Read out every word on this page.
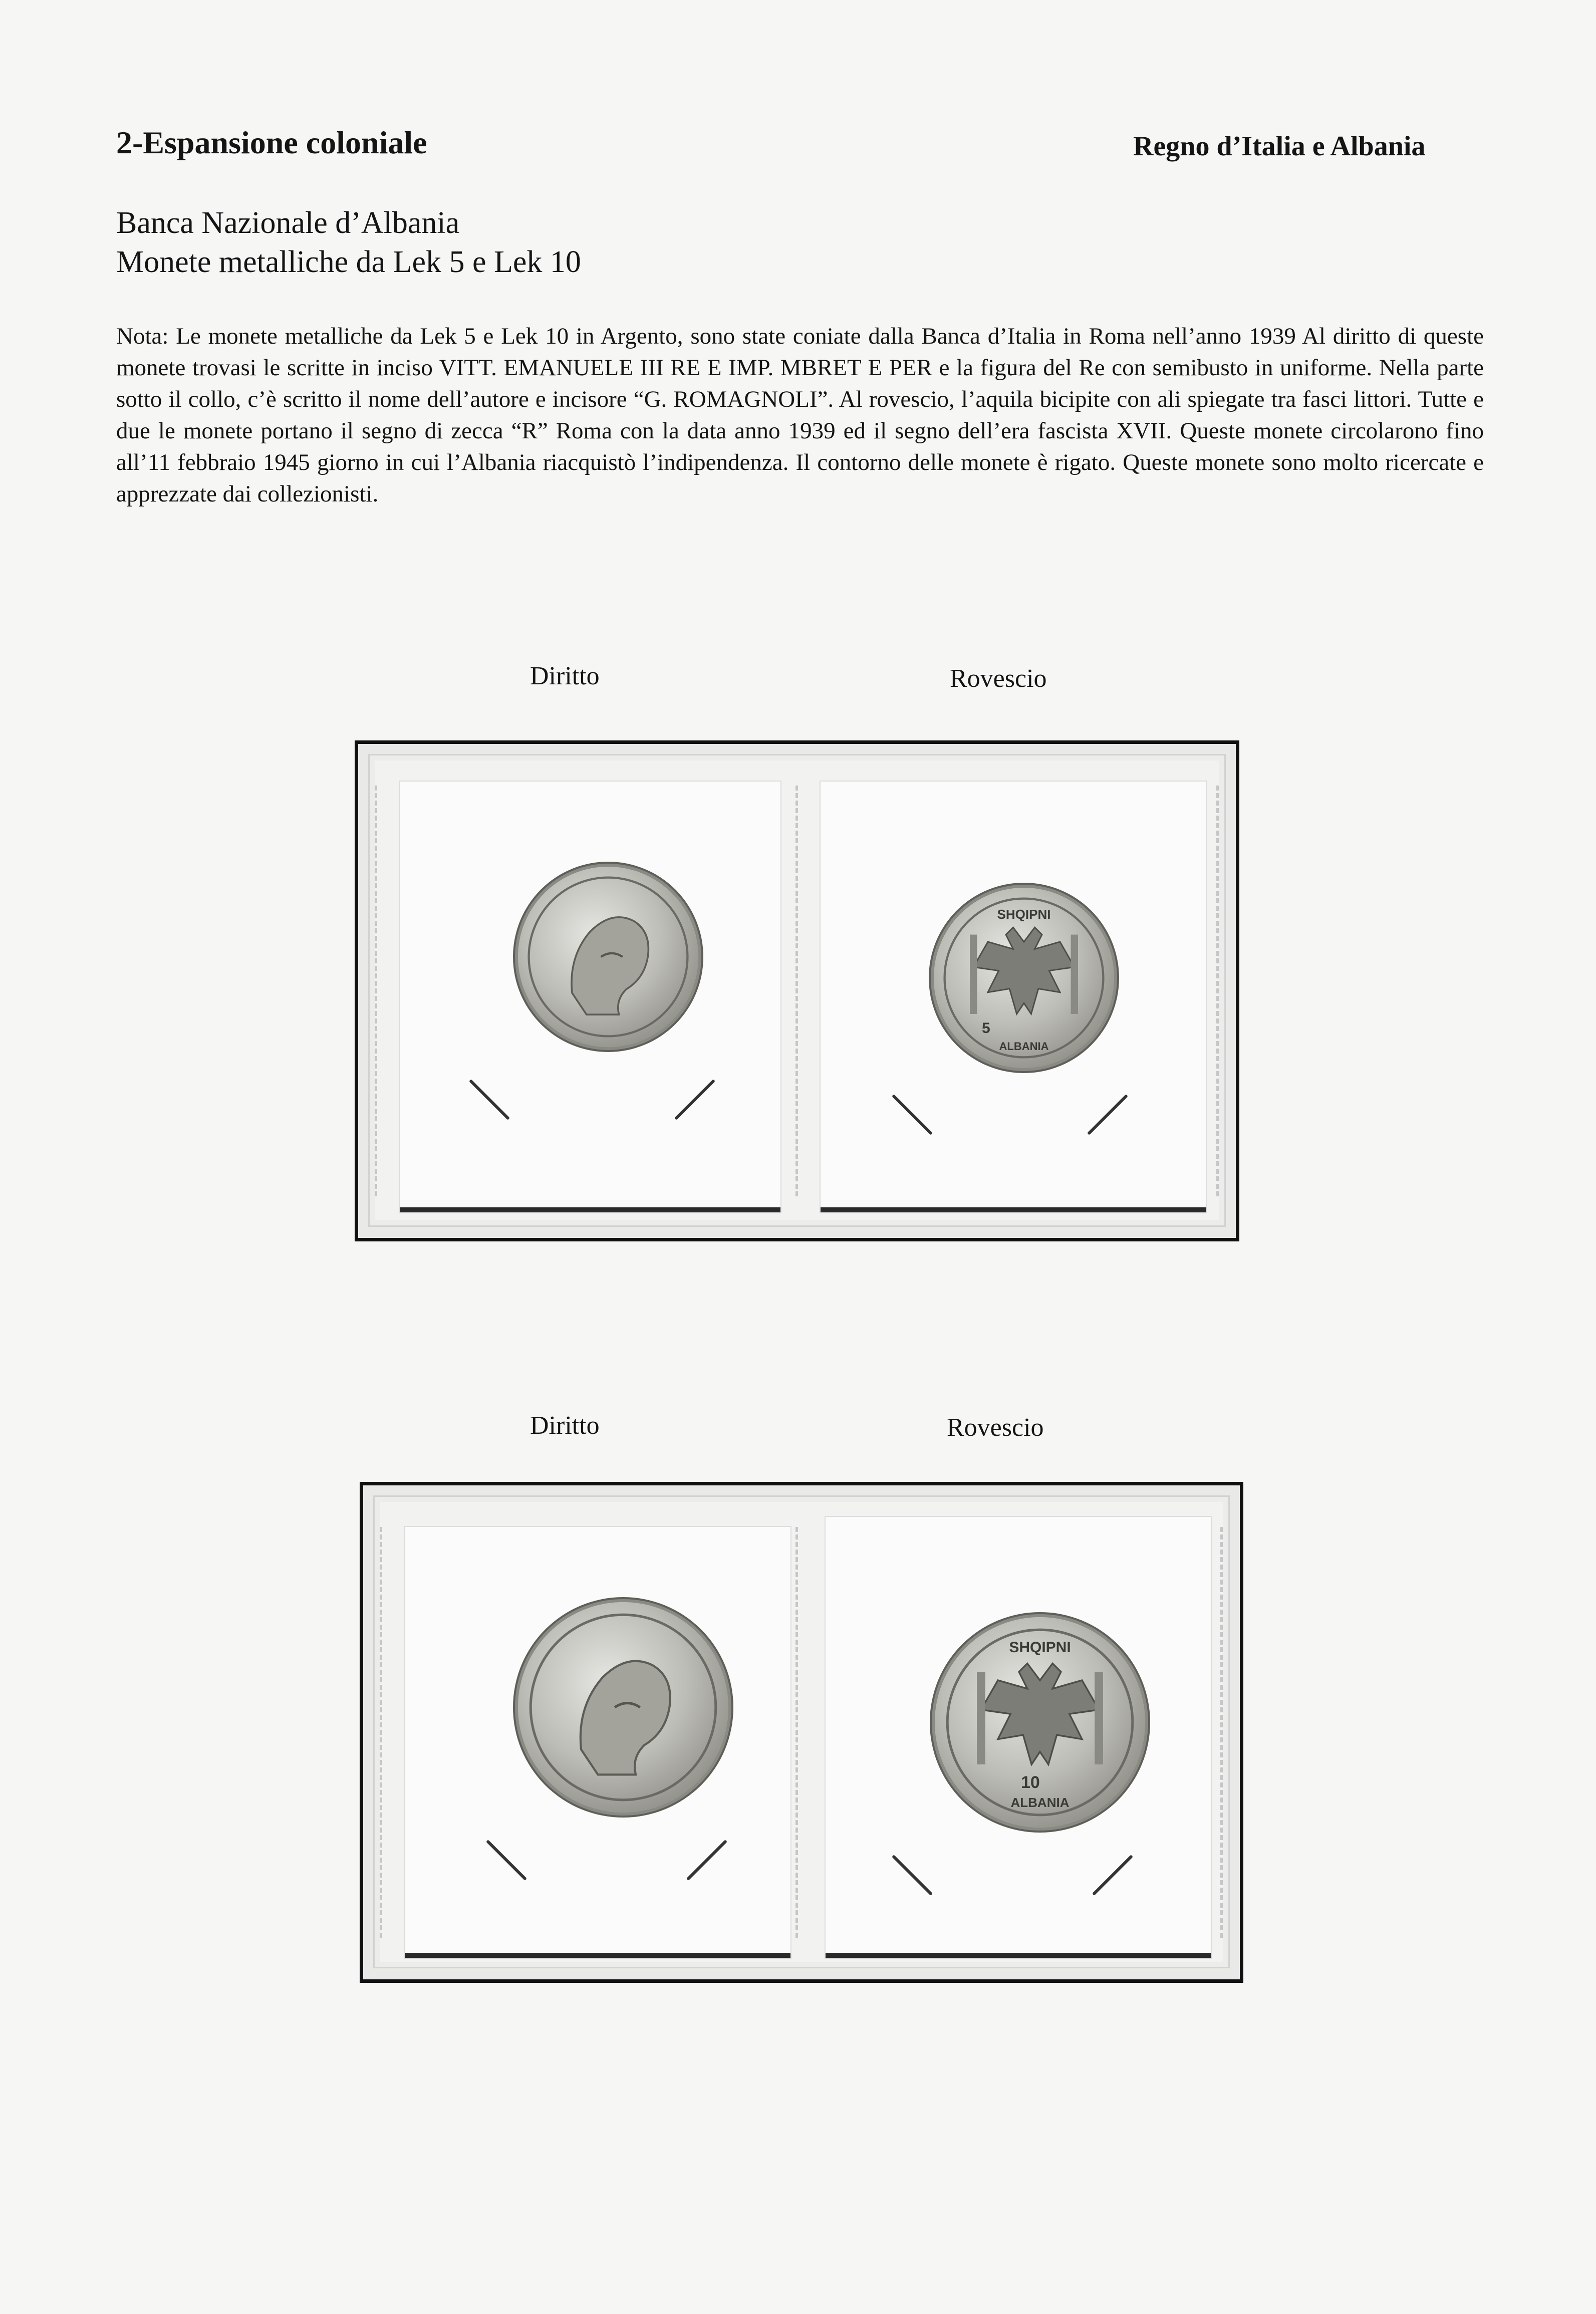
2-Espansione coloniale	Regno d’Italia e Albania
Banca Nazionale d’Albania
Monete metalliche da Lek 5 e Lek 10
Nota: Le monete metalliche da Lek 5 e Lek 10 in Argento, sono state coniate dalla Banca d’Italia in Roma nell’anno 1939 Al diritto di queste monete trovasi le scritte in inciso VITT. EMANUELE III RE E IMP. MBRET E PER e la figura del Re con semibusto in uniforme. Nella parte sotto il collo, c’è scritto il nome dell’autore e incisore “G. ROMAGNOLI”. Al rovescio, l’aquila bicipite con ali spiegate tra fasci littori. Tutte e due le monete portano il segno di zecca “R” Roma con la data anno 1939 ed il segno dell’era fascista XVII. Queste monete circolarono fino all’11 febbraio 1945 giorno in cui l’Albania riacquistò l’indipendenza. Il contorno delle monete è rigato. Queste monete sono molto ricercate e apprezzate dai collezionisti.
Diritto	Rovescio
SHQIPNI
ALBANIA
5
Diritto	Rovescio
SHQIPNI
ALBANIA
10
